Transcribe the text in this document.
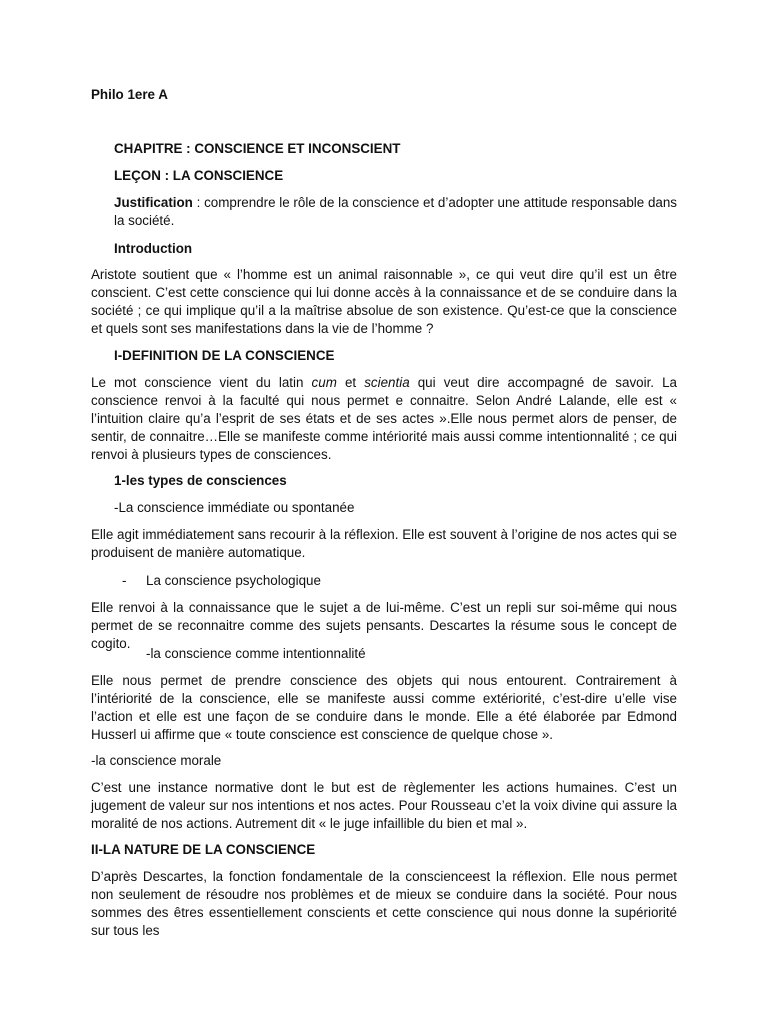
Philo 1ere A

CHAPITRE : CONSCIENCE ET INCONSCIENT

LEÇON : LA CONSCIENCE

Justification : comprendre le rôle de la conscience et d’adopter une attitude responsable dans la société.

Introduction

Aristote soutient que « l’homme est un animal raisonnable », ce qui veut dire qu’il est un être conscient. C’est cette conscience qui lui donne accès à la connaissance et de se conduire dans la société ; ce qui implique qu’il a la maîtrise absolue de son existence. Qu’est-ce que la conscience et quels sont ses manifestations dans la vie de l’homme ?

I-DEFINITION DE LA CONSCIENCE

Le mot conscience vient du latin cum et scientia qui veut dire accompagné de savoir. La conscience renvoi à la faculté qui nous permet e connaitre. Selon André Lalande, elle est « l’intuition claire qu’a l’esprit de ses états et de ses actes ».Elle nous permet alors de penser, de sentir, de connaitre…Elle se manifeste comme intériorité mais aussi comme intentionnalité ; ce qui renvoi à plusieurs types de consciences.

1-les types de consciences

-La conscience immédiate ou spontanée

Elle agit immédiatement sans recourir à la réflexion. Elle est souvent à l’origine de nos actes qui se produisent de manière automatique.

- La conscience psychologique

Elle renvoi à la connaissance que le sujet a de lui-même. C’est un repli sur soi-même qui nous permet de se reconnaitre comme des sujets pensants. Descartes la résume sous le concept de cogito.

-la conscience comme intentionnalité

Elle nous permet de prendre conscience des objets qui nous entourent. Contrairement à l’intériorité de la conscience, elle se manifeste aussi comme extériorité, c’est-dire u’elle vise l’action et elle est une façon de se conduire dans le monde. Elle a été élaborée par Edmond Husserl ui affirme que « toute conscience est conscience de quelque chose ».

-la conscience morale

C’est une instance normative dont le but est de règlementer les actions humaines. C’est un jugement de valeur sur nos intentions et nos actes. Pour Rousseau c’et la voix divine qui assure la moralité de nos actions. Autrement dit « le juge infaillible du bien et mal ».

II-LA NATURE DE LA CONSCIENCE

D’après Descartes, la fonction fondamentale de la conscienceest la réflexion. Elle nous permet non seulement de résoudre nos problèmes et de mieux se conduire dans la société. Pour nous sommes des êtres essentiellement conscients et cette conscience qui nous donne la supériorité sur tous les
